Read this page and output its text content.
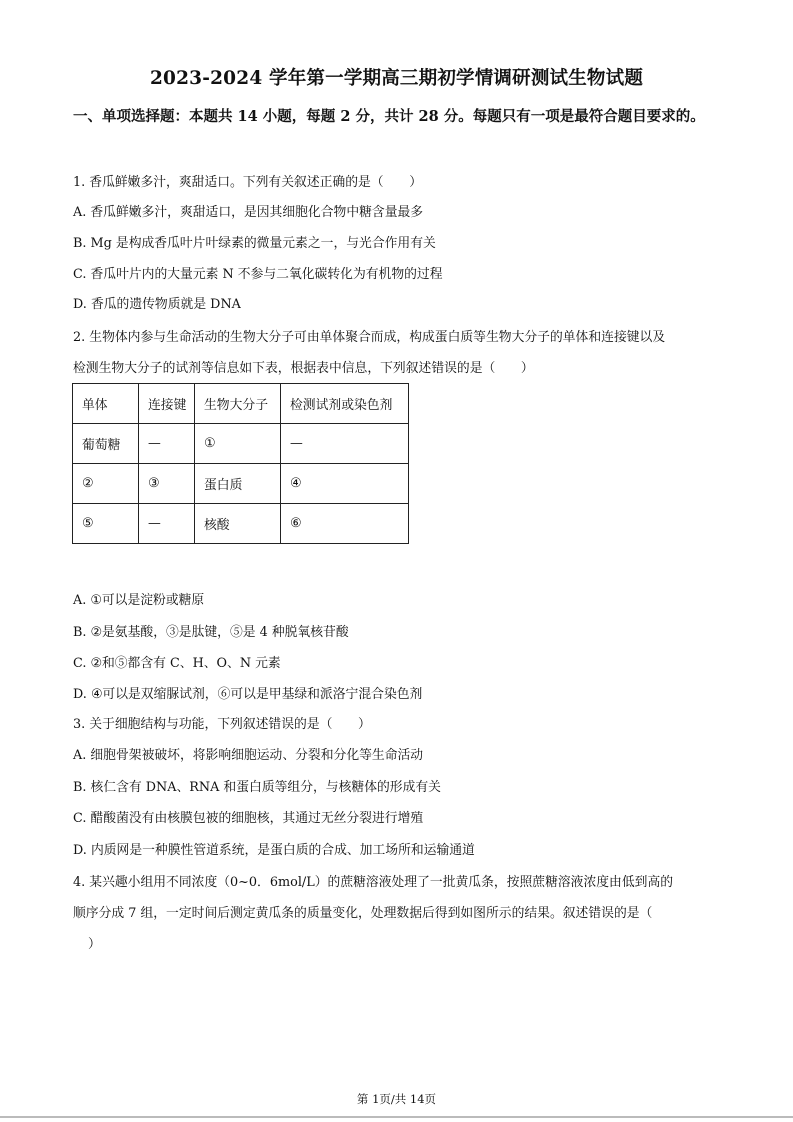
2023-2024 学年第一学期高三期初学情调研测试生物试题
一、单项选择题：本题共 14 小题，每题 2 分，共计 28 分。每题只有一项是最符合题目要求的。
1. 香瓜鲜嫩多汁，爽甜适口。下列有关叙述正确的是（　　）
A. 香瓜鲜嫩多汁，爽甜适口，是因其细胞化合物中糖含量最多
B. Mg 是构成香瓜叶片叶绿素的微量元素之一，与光合作用有关
C. 香瓜叶片内的大量元素 N 不参与二氧化碳转化为有机物的过程
D. 香瓜的遗传物质就是 DNA
2. 生物体内参与生命活动的生物大分子可由单体聚合而成，构成蛋白质等生物大分子的单体和连接键以及
检测生物大分子的试剂等信息如下表，根据表中信息，下列叙述错误的是（　　）
单体	连接键	生物大分子	检测试剂或染色剂
葡萄糖	—	①	—
②	③	蛋白质	④
⑤	—	核酸	⑥
A. ①可以是淀粉或糖原
B. ②是氨基酸，③是肽键，⑤是 4 种脱氧核苷酸
C. ②和⑤都含有 C、H、O、N 元素
D. ④可以是双缩脲试剂，⑥可以是甲基绿和派洛宁混合染色剂
3. 关于细胞结构与功能，下列叙述错误的是（　　）
A. 细胞骨架被破坏，将影响细胞运动、分裂和分化等生命活动
B. 核仁含有 DNA、RNA 和蛋白质等组分，与核糖体的形成有关
C. 醋酸菌没有由核膜包被的细胞核，其通过无丝分裂进行增殖
D. 内质网是一种膜性管道系统，是蛋白质的合成、加工场所和运输通道
4. 某兴趣小组用不同浓度（0~0．6mol/L）的蔗糖溶液处理了一批黄瓜条，按照蔗糖溶液浓度由低到高的
顺序分成 7 组，一定时间后测定黄瓜条的质量变化，处理数据后得到如图所示的结果。叙述错误的是（
）
第 1页/共 14页
